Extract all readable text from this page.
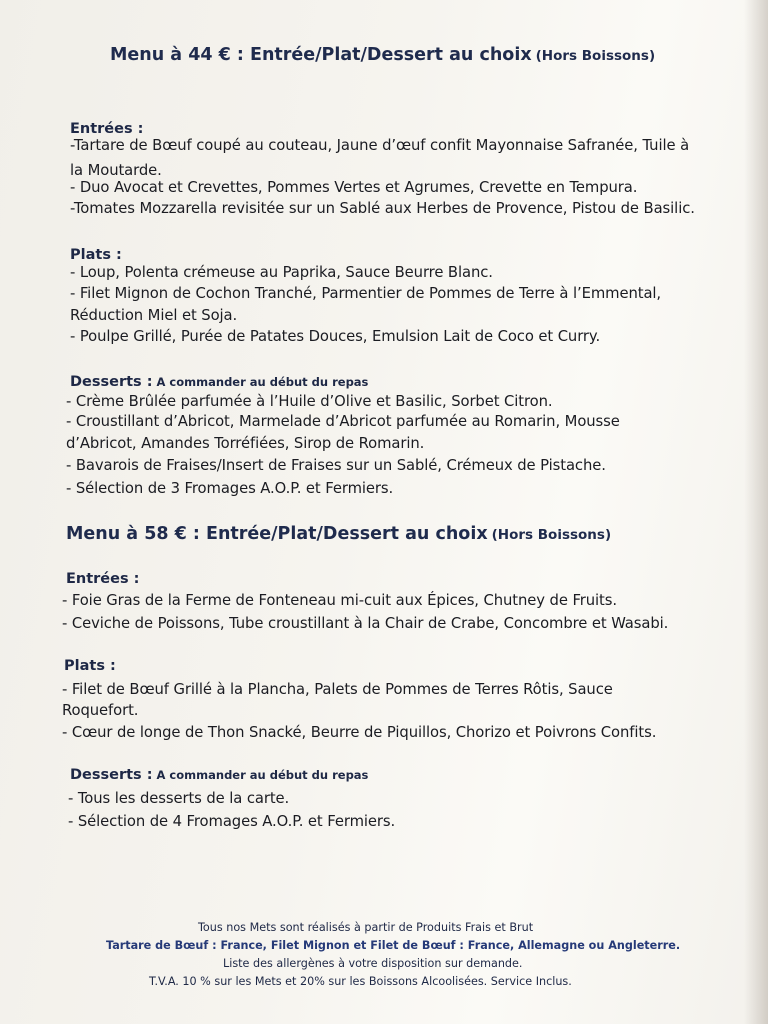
Menu à 44 € : Entrée/Plat/Dessert au choix (Hors Boissons)
Entrées :
-Tartare de Bœuf coupé au couteau, Jaune d’œuf confit Mayonnaise Safranée, Tuile à
la Moutarde.
- Duo Avocat et Crevettes, Pommes Vertes et Agrumes, Crevette en Tempura.
-Tomates Mozzarella revisitée sur un Sablé aux Herbes de Provence, Pistou de Basilic.
Plats :
- Loup, Polenta crémeuse au Paprika, Sauce Beurre Blanc.
- Filet Mignon de Cochon Tranché, Parmentier de Pommes de Terre à l’Emmental,
Réduction Miel et Soja.
- Poulpe Grillé, Purée de Patates Douces, Emulsion Lait de Coco et Curry.
Desserts : A commander au début du repas
- Crème Brûlée parfumée à l’Huile d’Olive et Basilic, Sorbet Citron.
- Croustillant d’Abricot, Marmelade d’Abricot parfumée au Romarin, Mousse
d’Abricot, Amandes Torréfiées, Sirop de Romarin.
- Bavarois de Fraises/Insert de Fraises sur un Sablé, Crémeux de Pistache.
- Sélection de 3 Fromages A.O.P. et Fermiers.
Menu à 58 € : Entrée/Plat/Dessert au choix (Hors Boissons)
Entrées :
- Foie Gras de la Ferme de Fonteneau mi-cuit aux Épices, Chutney de Fruits.
- Ceviche de Poissons, Tube croustillant à la Chair de Crabe, Concombre et Wasabi.
Plats :
- Filet de Bœuf Grillé à la Plancha, Palets de Pommes de Terres Rôtis, Sauce
Roquefort.
- Cœur de longe de Thon Snacké, Beurre de Piquillos, Chorizo et Poivrons Confits.
Desserts : A commander au début du repas
- Tous les desserts de la carte.
- Sélection de 4 Fromages A.O.P. et Fermiers.
Tous nos Mets sont réalisés à partir de Produits Frais et Brut
Tartare de Bœuf : France, Filet Mignon et Filet de Bœuf : France, Allemagne ou Angleterre.
Liste des allergènes à votre disposition sur demande.
T.V.A. 10 % sur les Mets et 20% sur les Boissons Alcoolisées. Service Inclus.
